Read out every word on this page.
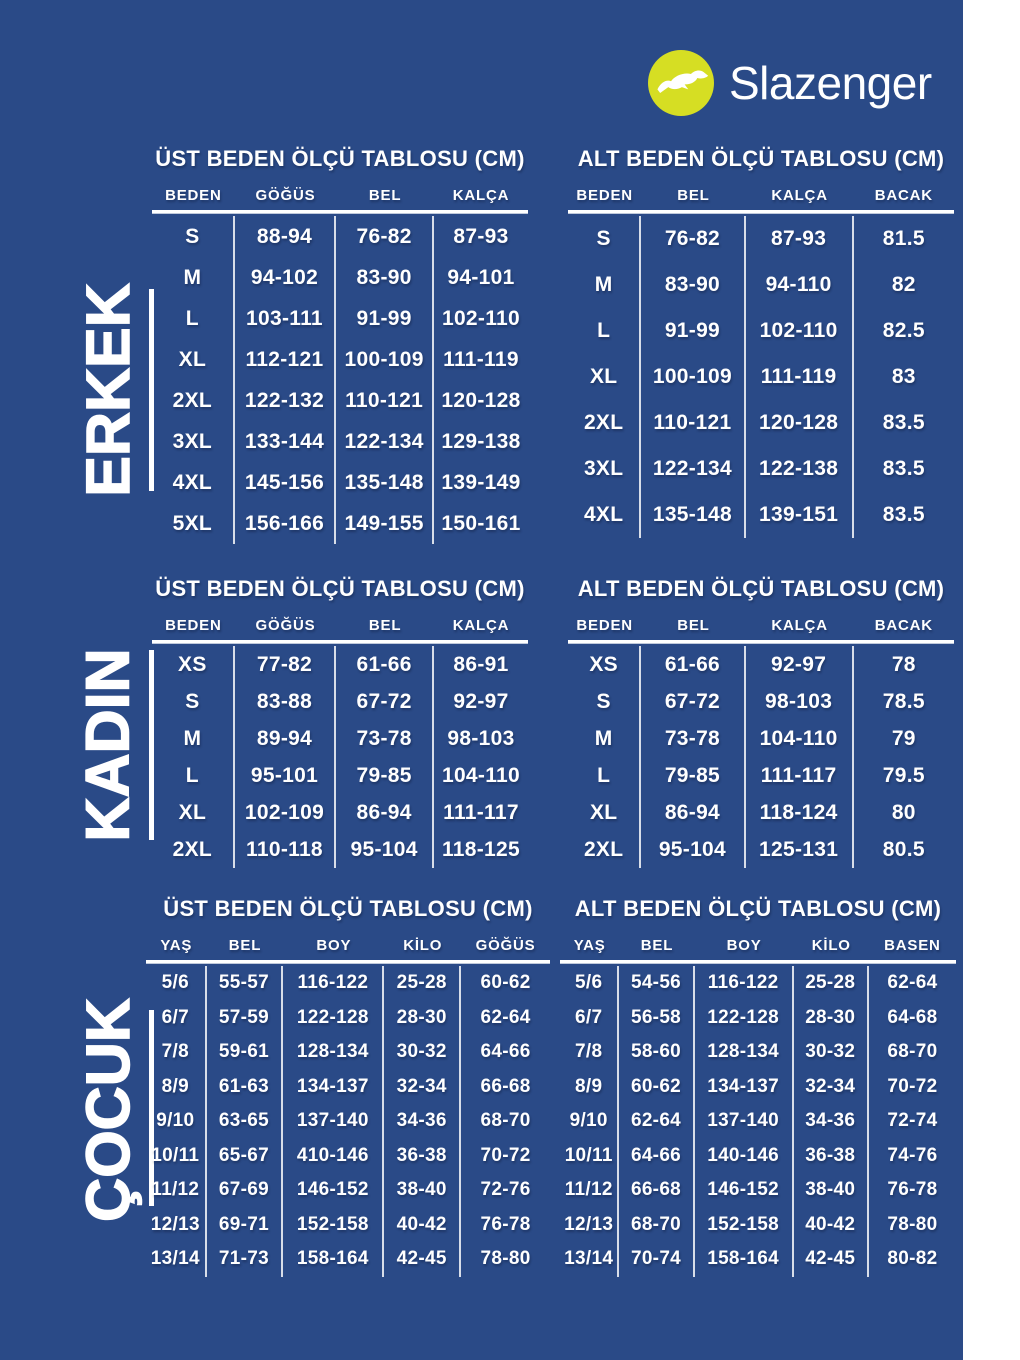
Slazenger
ERKEK
KADIN
ÇOCUK
ÜST BEDEN ÖLÇÜ TABLOSU (CM)
BEDEN	GÖĞÜS	BEL	KALÇA
S	88-94	76-82	87-93
M	94-102	83-90	94-101
L	103-111	91-99	102-110
XL	112-121	100-109 111-119
2XL	122-132	110-121 120-128
3XL	133-144 122-134 129-138
4XL	145-156 135-148 139-149
5XL	156-166 149-155 150-161
ALT BEDEN ÖLÇÜ TABLOSU (CM)
BEDEN	BEL	KALÇA	BACAK
S	76-82	87-93	81.5
M	83-90	94-110	82
L	91-99	102-110	82.5
XL	100-109	111-119	83
2XL	110-121	120-128	83.5
3XL	122-134	122-138	83.5
4XL	135-148	139-151	83.5
ÜST BEDEN ÖLÇÜ TABLOSU (CM)
BEDEN	GÖĞÜS	BEL	KALÇA
XS	77-82	61-66	86-91
S	83-88	67-72	92-97
M	89-94	73-78	98-103
L	95-101	79-85	104-110
XL	102-109	86-94	111-117
2XL	110-118	95-104	118-125
ALT BEDEN ÖLÇÜ TABLOSU (CM)
BEDEN	BEL	KALÇA	BACAK
XS	61-66	92-97	78
S	67-72	98-103	78.5
M	73-78	104-110	79
L	79-85	111-117	79.5
XL	86-94	118-124	80
2XL	95-104	125-131	80.5
ÜST BEDEN ÖLÇÜ TABLOSU (CM)
YAŞ	BEL	BOY	KİLO	GÖĞÜS
5/6	55-57	116-122	25-28	60-62
6/7	57-59	122-128	28-30	62-64
7/8	59-61	128-134	30-32	64-66
8/9	61-63	134-137	32-34	66-68
9/10	63-65	137-140	34-36	68-70
10/11	65-67	410-146	36-38	70-72
11/12	67-69	146-152	38-40	72-76
12/13	69-71	152-158	40-42	76-78
13/14	71-73	158-164	42-45	78-80
ALT BEDEN ÖLÇÜ TABLOSU (CM)
YAŞ	BEL	BOY	KİLO	BASEN
5/6	54-56	116-122	25-28	62-64
6/7	56-58	122-128	28-30	64-68
7/8	58-60	128-134	30-32	68-70
8/9	60-62	134-137	32-34	70-72
9/10	62-64	137-140	34-36	72-74
10/11 64-66	140-146	36-38	74-76
11/12 66-68	146-152	38-40	76-78
12/13 68-70	152-158	40-42	78-80
13/14 70-74	158-164	42-45	80-82
